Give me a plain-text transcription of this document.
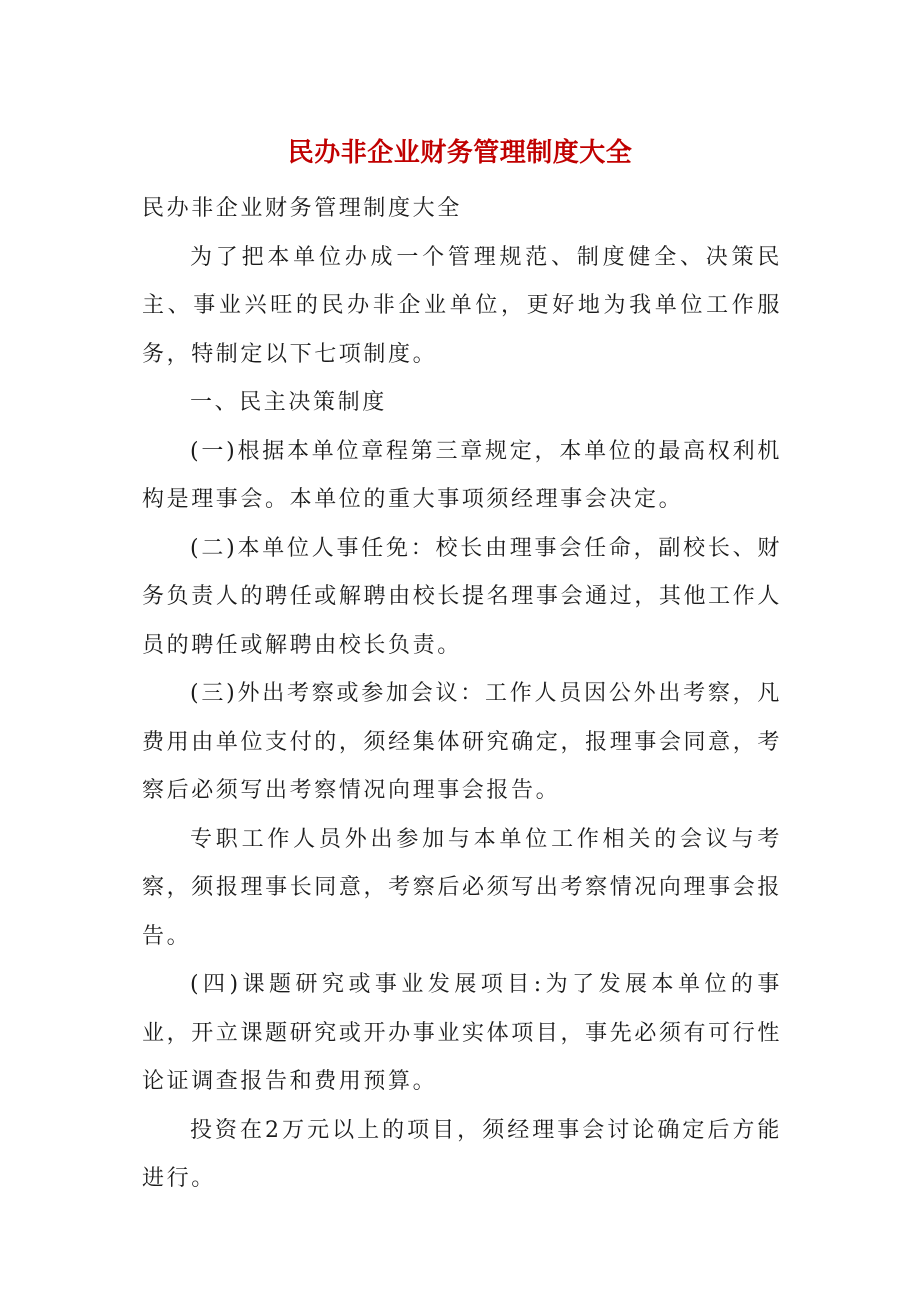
民办非企业财务管理制度大全

民办非企业财务管理制度大全

为了把本单位办成一个管理规范、制度健全、决策民主、事业兴旺的民办非企业单位，更好地为我单位工作服务，特制定以下七项制度。

一、民主决策制度

(一)根据本单位章程第三章规定，本单位的最高权利机构是理事会。本单位的重大事项须经理事会决定。

(二)本单位人事任免：校长由理事会任命，副校长、财务负责人的聘任或解聘由校长提名理事会通过，其他工作人员的聘任或解聘由校长负责。

(三)外出考察或参加会议：工作人员因公外出考察，凡费用由单位支付的，须经集体研究确定，报理事会同意，考察后必须写出考察情况向理事会报告。

专职工作人员外出参加与本单位工作相关的会议与考察，须报理事长同意，考察后必须写出考察情况向理事会报告。

(四)课题研究或事业发展项目:为了发展本单位的事业，开立课题研究或开办事业实体项目，事先必须有可行性论证调查报告和费用预算。

投资在2万元以上的项目，须经理事会讨论确定后方能进行。
